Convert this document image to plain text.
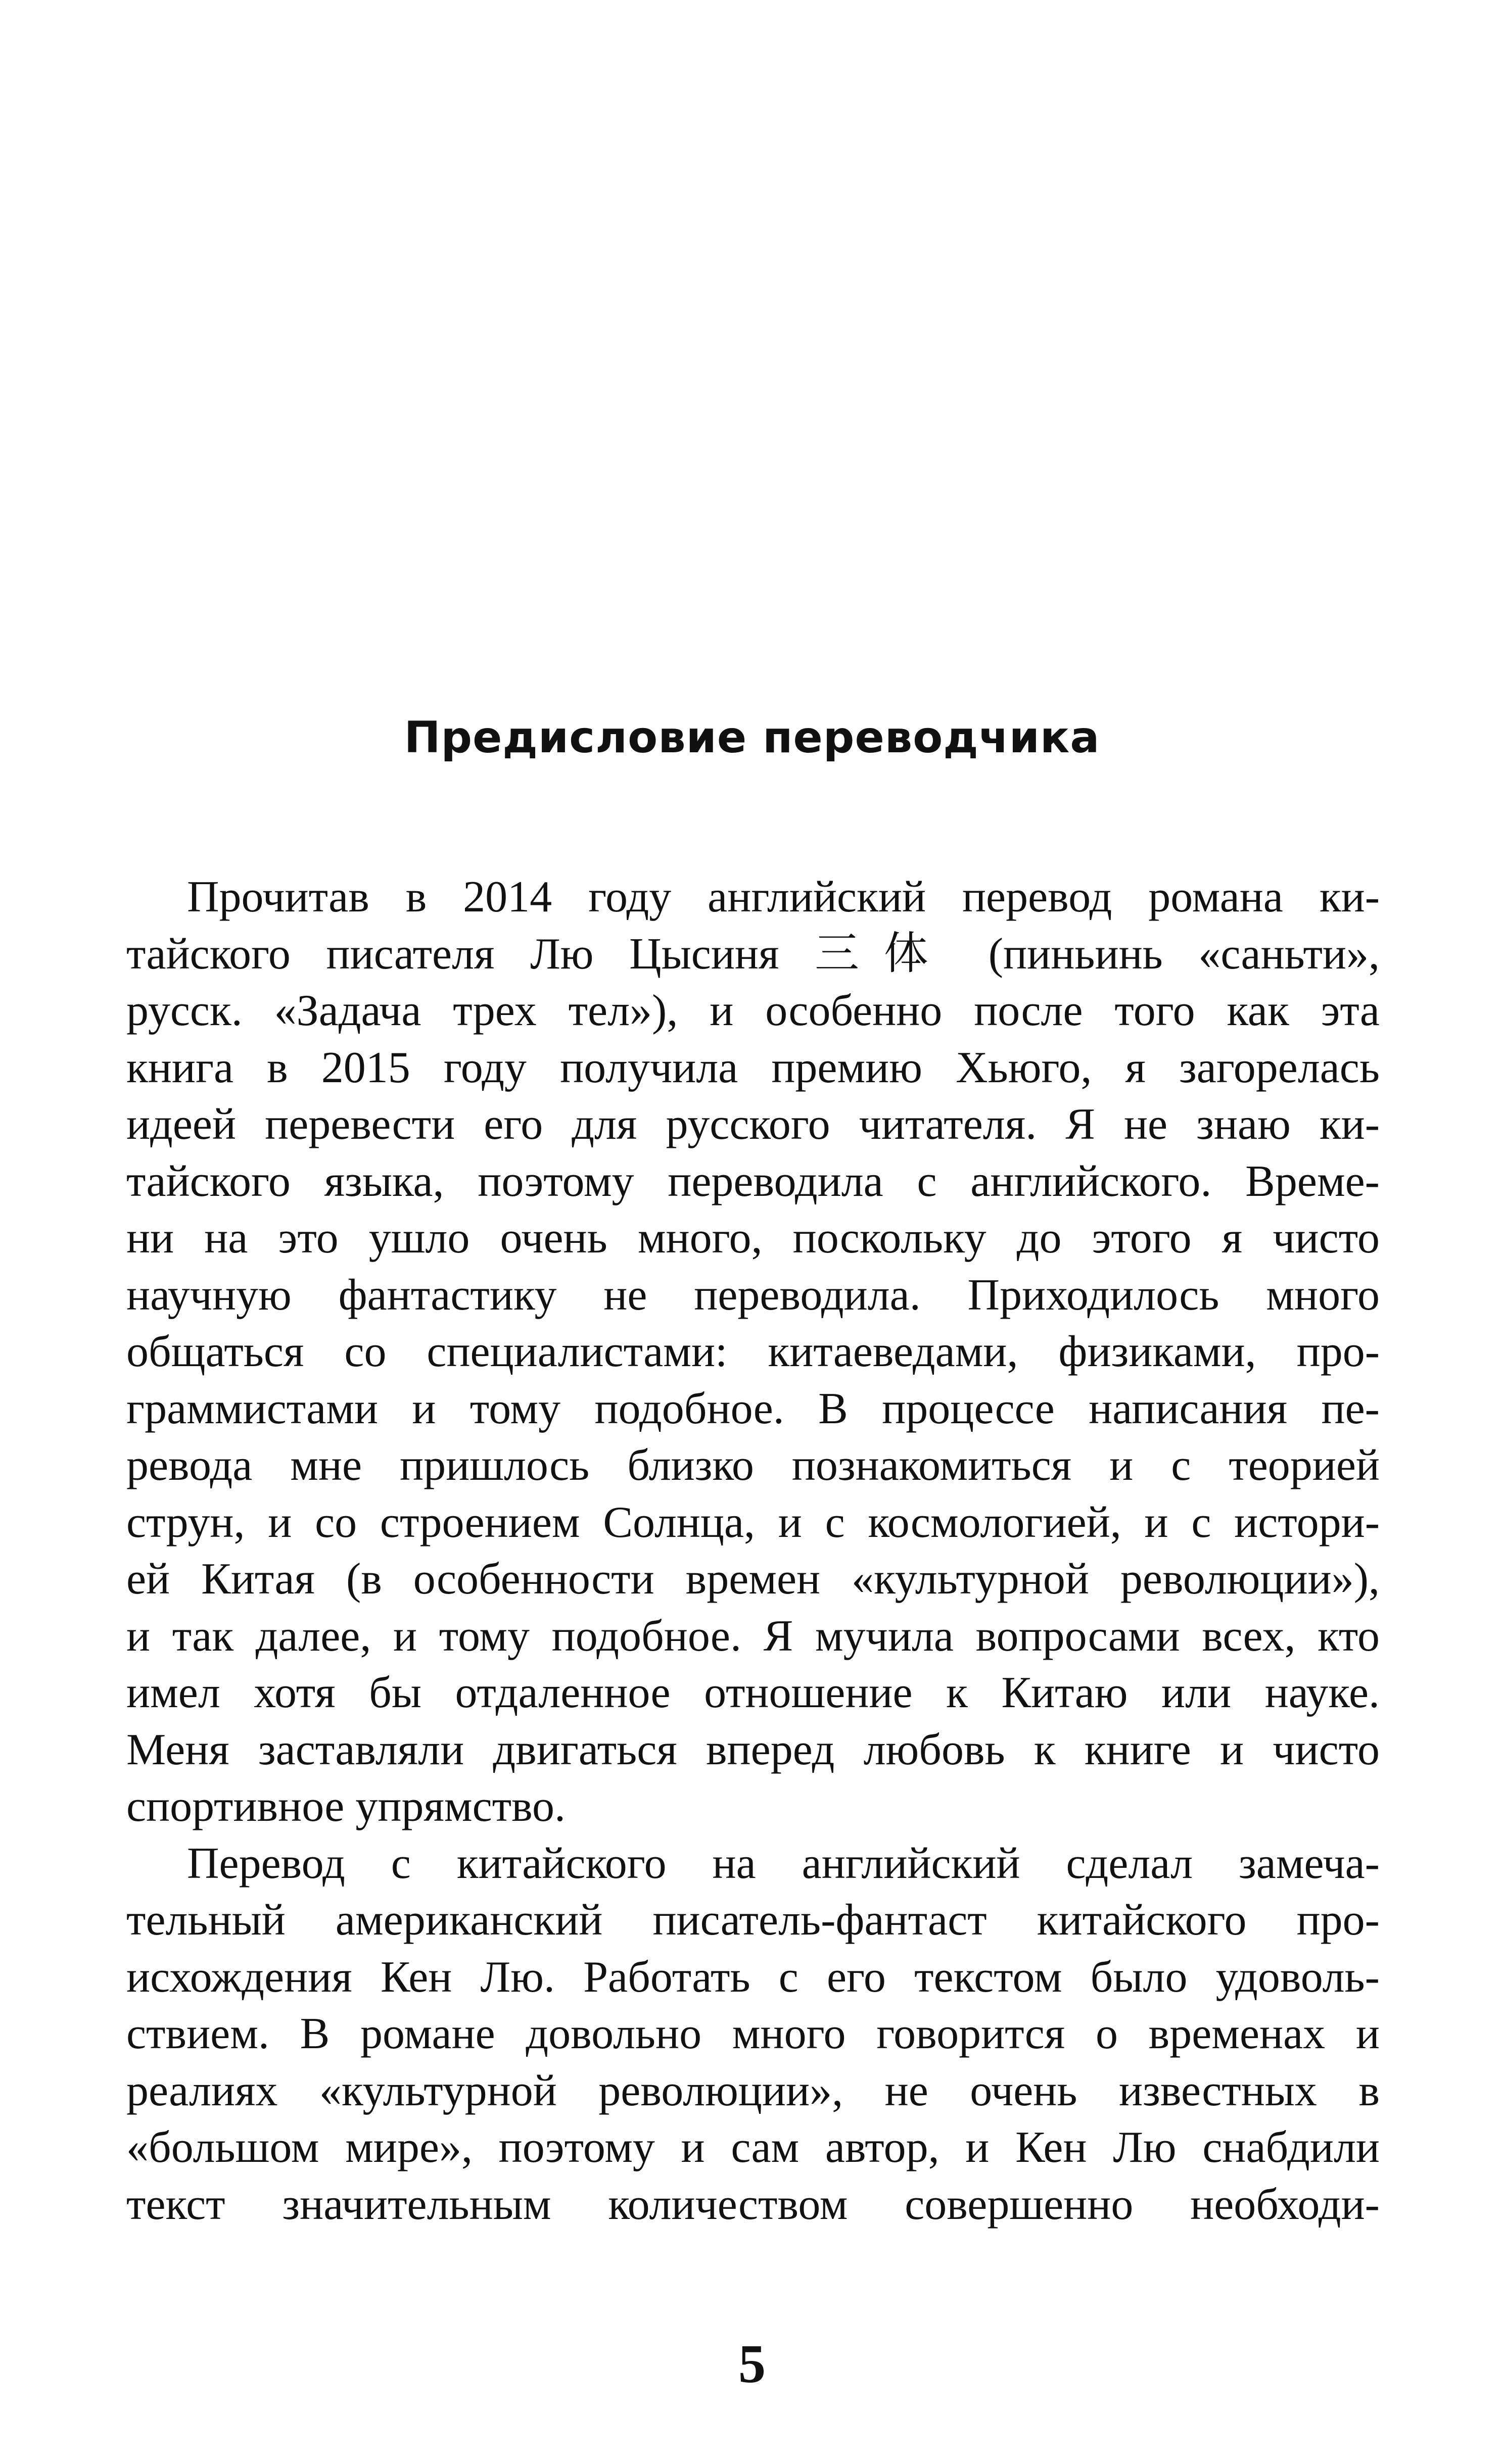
Предисловие переводчика

Прочитав в 2014 году английский перевод романа ки-
тайского писателя Лю Цысиня 三体 (пиньинь «саньти»,
русск. «Задача трех тел»), и особенно после того как эта
книга в 2015 году получила премию Хьюго, я загорелась
идеей перевести его для русского читателя. Я не знаю ки-
тайского языка, поэтому переводила с английского. Време-
ни на это ушло очень много, поскольку до этого я чисто
научную фантастику не переводила. Приходилось много
общаться со специалистами: китаеведами, физиками, про-
граммистами и тому подобное. В процессе написания пе-
ревода мне пришлось близко познакомиться и с теорией
струн, и со строением Солнца, и с космологией, и с истори-
ей Китая (в особенности времен «культурной революции»),
и так далее, и тому подобное. Я мучила вопросами всех, кто
имел хотя бы отдаленное отношение к Китаю или науке.
Меня заставляли двигаться вперед любовь к книге и чисто
спортивное упрямство.

Перевод с китайского на английский сделал замеча-
тельный американский писатель-фантаст китайского про-
исхождения Кен Лю. Работать с его текстом было удоволь-
ствием. В романе довольно много говорится о временах и
реалиях «культурной революции», не очень известных в
«большом мире», поэтому и сам автор, и Кен Лю снабдили
текст значительным количеством совершенно необходи-

5
